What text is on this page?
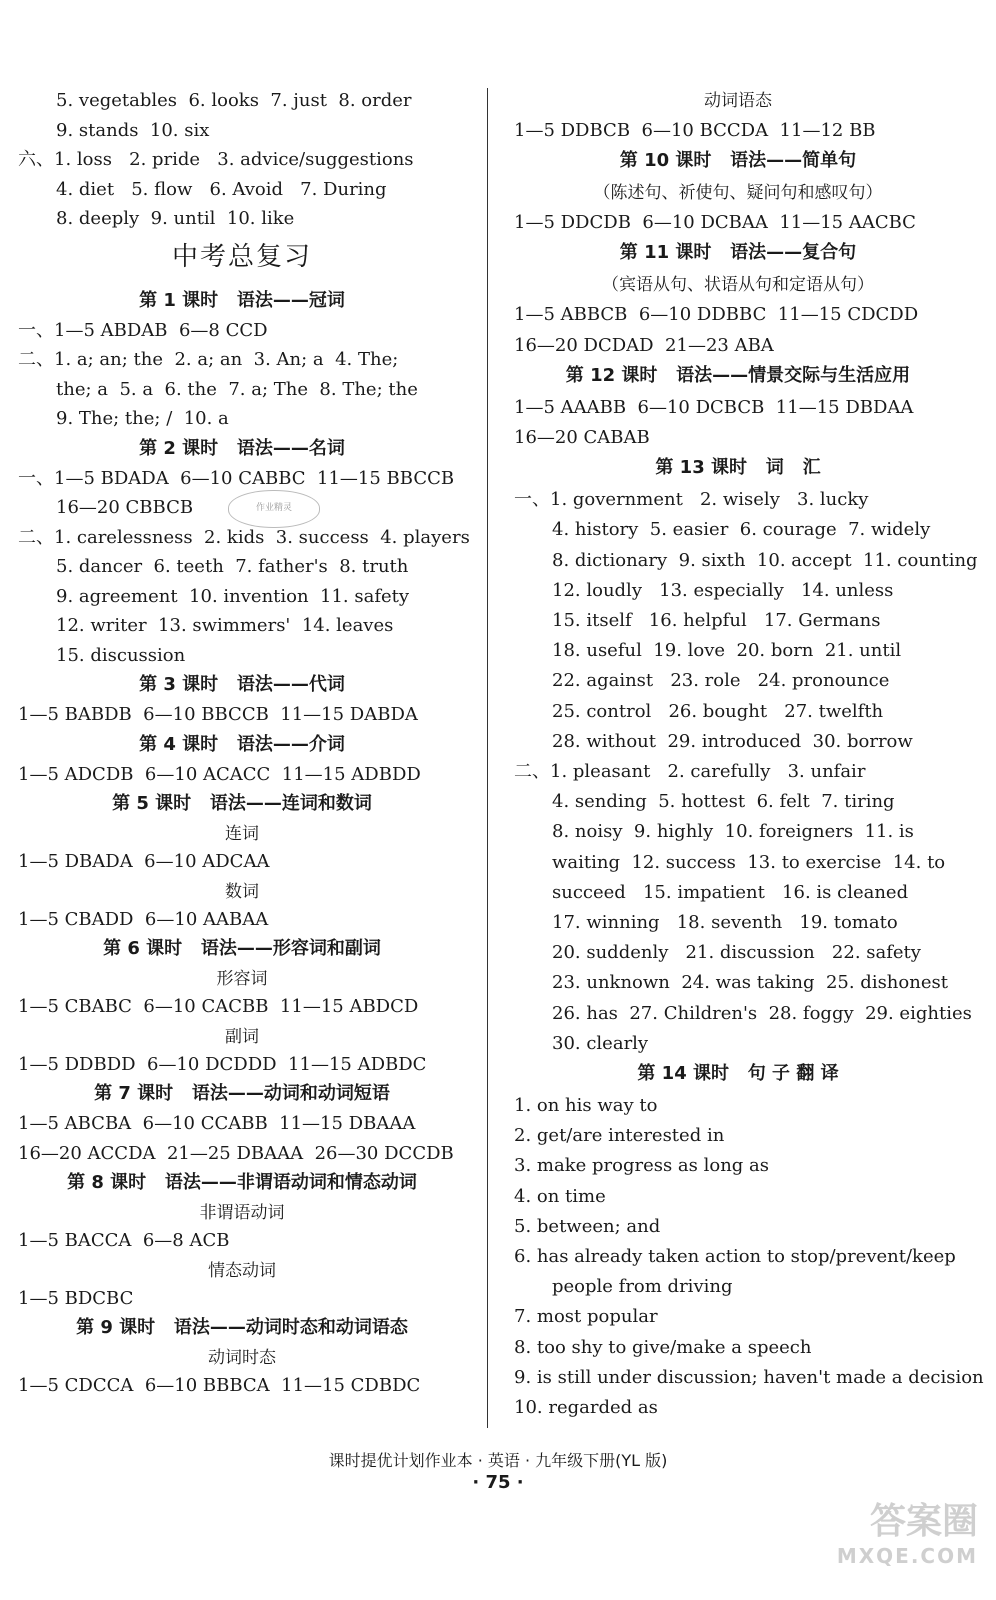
5. vegetables  6. looks  7. just  8. order
9. stands  10. six
六、1. loss   2. pride   3. advice/suggestions
4. diet   5. flow   6. Avoid   7. During
8. deeply  9. until  10. like
中考总复习
第 1 课时   语法——冠词
一、1—5 ABDAB  6—8 CCD
二、1. a; an; the  2. a; an  3. An; a  4. The;
the; a  5. a  6. the  7. a; The  8. The; the
9. The; the; /  10. a
第 2 课时   语法——名词
一、1—5 BDADA  6—10 CABBC  11—15 BBCCB
16—20 CBBCB
二、1. carelessness  2. kids  3. success  4. players
5. dancer  6. teeth  7. father's  8. truth
9. agreement  10. invention  11. safety
12. writer  13. swimmers'  14. leaves
15. discussion
第 3 课时   语法——代词
1—5 BABDB  6—10 BBCCB  11—15 DABDA
第 4 课时   语法——介词
1—5 ADCDB  6—10 ACACC  11—15 ADBDD
第 5 课时   语法——连词和数词
连词
1—5 DBADA  6—10 ADCAA
数词
1—5 CBADD  6—10 AABAA
第 6 课时   语法——形容词和副词
形容词
1—5 CBABC  6—10 CACBB  11—15 ABDCD
副词
1—5 DDBDD  6—10 DCDDD  11—15 ADBDC
第 7 课时   语法——动词和动词短语
1—5 ABCBA  6—10 CCABB  11—15 DBAAA
16—20 ACCDA  21—25 DBAAA  26—30 DCCDB
第 8 课时   语法——非谓语动词和情态动词
非谓语动词
1—5 BACCA  6—8 ACB
情态动词
1—5 BDCBC
第 9 课时   语法——动词时态和动词语态
动词时态
1—5 CDCCA  6—10 BBBCA  11—15 CDBDC
动词语态
1—5 DDBCB  6—10 BCCDA  11—12 BB
第 10 课时   语法——简单句
（陈述句、祈使句、疑问句和感叹句）
1—5 DDCDB  6—10 DCBAA  11—15 AACBC
第 11 课时   语法——复合句
（宾语从句、状语从句和定语从句）
1—5 ABBCB  6—10 DDBBC  11—15 CDCDD
16—20 DCDAD  21—23 ABA
第 12 课时   语法——情景交际与生活应用
1—5 AAABB  6—10 DCBCB  11—15 DBDAA
16—20 CABAB
第 13 课时   词   汇
一、1. government   2. wisely   3. lucky
4. history  5. easier  6. courage  7. widely
8. dictionary  9. sixth  10. accept  11. counting
12. loudly   13. especially   14. unless
15. itself   16. helpful   17. Germans
18. useful  19. love  20. born  21. until
22. against   23. role   24. pronounce
25. control   26. bought   27. twelfth
28. without  29. introduced  30. borrow
二、1. pleasant   2. carefully   3. unfair
4. sending  5. hottest  6. felt  7. tiring
8. noisy  9. highly  10. foreigners  11. is
waiting  12. success  13. to exercise  14. to
succeed   15. impatient   16. is cleaned
17. winning   18. seventh   19. tomato
20. suddenly   21. discussion   22. safety
23. unknown  24. was taking  25. dishonest
26. has  27. Children's  28. foggy  29. eighties
30. clearly
第 14 课时   句 子 翻 译
1. on his way to
2. get/are interested in
3. make progress as long as
4. on time
5. between; and
6. has already taken action to stop/prevent/keep
people from driving
7. most popular
8. too shy to give/make a speech
9. is still under discussion; haven't made a decision
10. regarded as
作业精灵
课时提优计划作业本 · 英语 · 九年级下册(YL 版)
· 75 ·
答案圈
MXQE.COM
